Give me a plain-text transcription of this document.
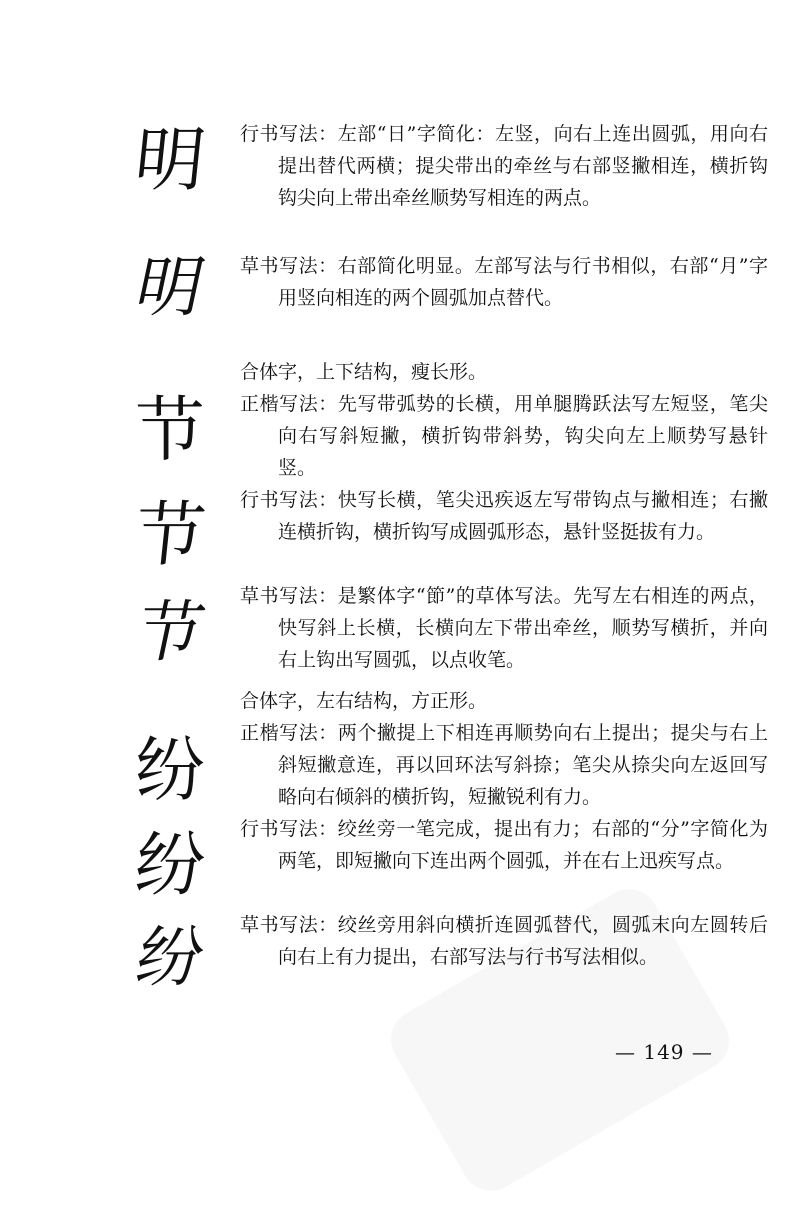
明
明

行书写法：左部“日”字简化：左竖，向右上连出圆弧，用向右提出替代两横；提尖带出的牵丝与右部竖撇相连，横折钩钩尖向上带出牵丝顺势写相连的两点。

草书写法：右部简化明显。左部写法与行书相似，右部“月”字用竖向相连的两个圆弧加点替代。

节
节
节

合体字，上下结构，瘦长形。

正楷写法：先写带弧势的长横，用单腿腾跃法写左短竖，笔尖向右写斜短撇，横折钩带斜势，钩尖向左上顺势写悬针竖。

行书写法：快写长横，笔尖迅疾返左写带钩点与撇相连；右撇连横折钩，横折钩写成圆弧形态，悬针竖挺拔有力。

草书写法：是繁体字“節”的草体写法。先写左右相连的两点，快写斜上长横，长横向左下带出牵丝，顺势写横折，并向右上钩出写圆弧，以点收笔。

纷
纷
纷

合体字，左右结构，方正形。

正楷写法：两个撇提上下相连再顺势向右上提出；提尖与右上斜短撇意连，再以回环法写斜捺；笔尖从捺尖向左返回写略向右倾斜的横折钩，短撇锐利有力。

行书写法：绞丝旁一笔完成，提出有力；右部的“分”字简化为两笔，即短撇向下连出两个圆弧，并在右上迅疾写点。

草书写法：绞丝旁用斜向横折连圆弧替代，圆弧末向左圆转后向右上有力提出，右部写法与行书写法相似。

— 149 —
